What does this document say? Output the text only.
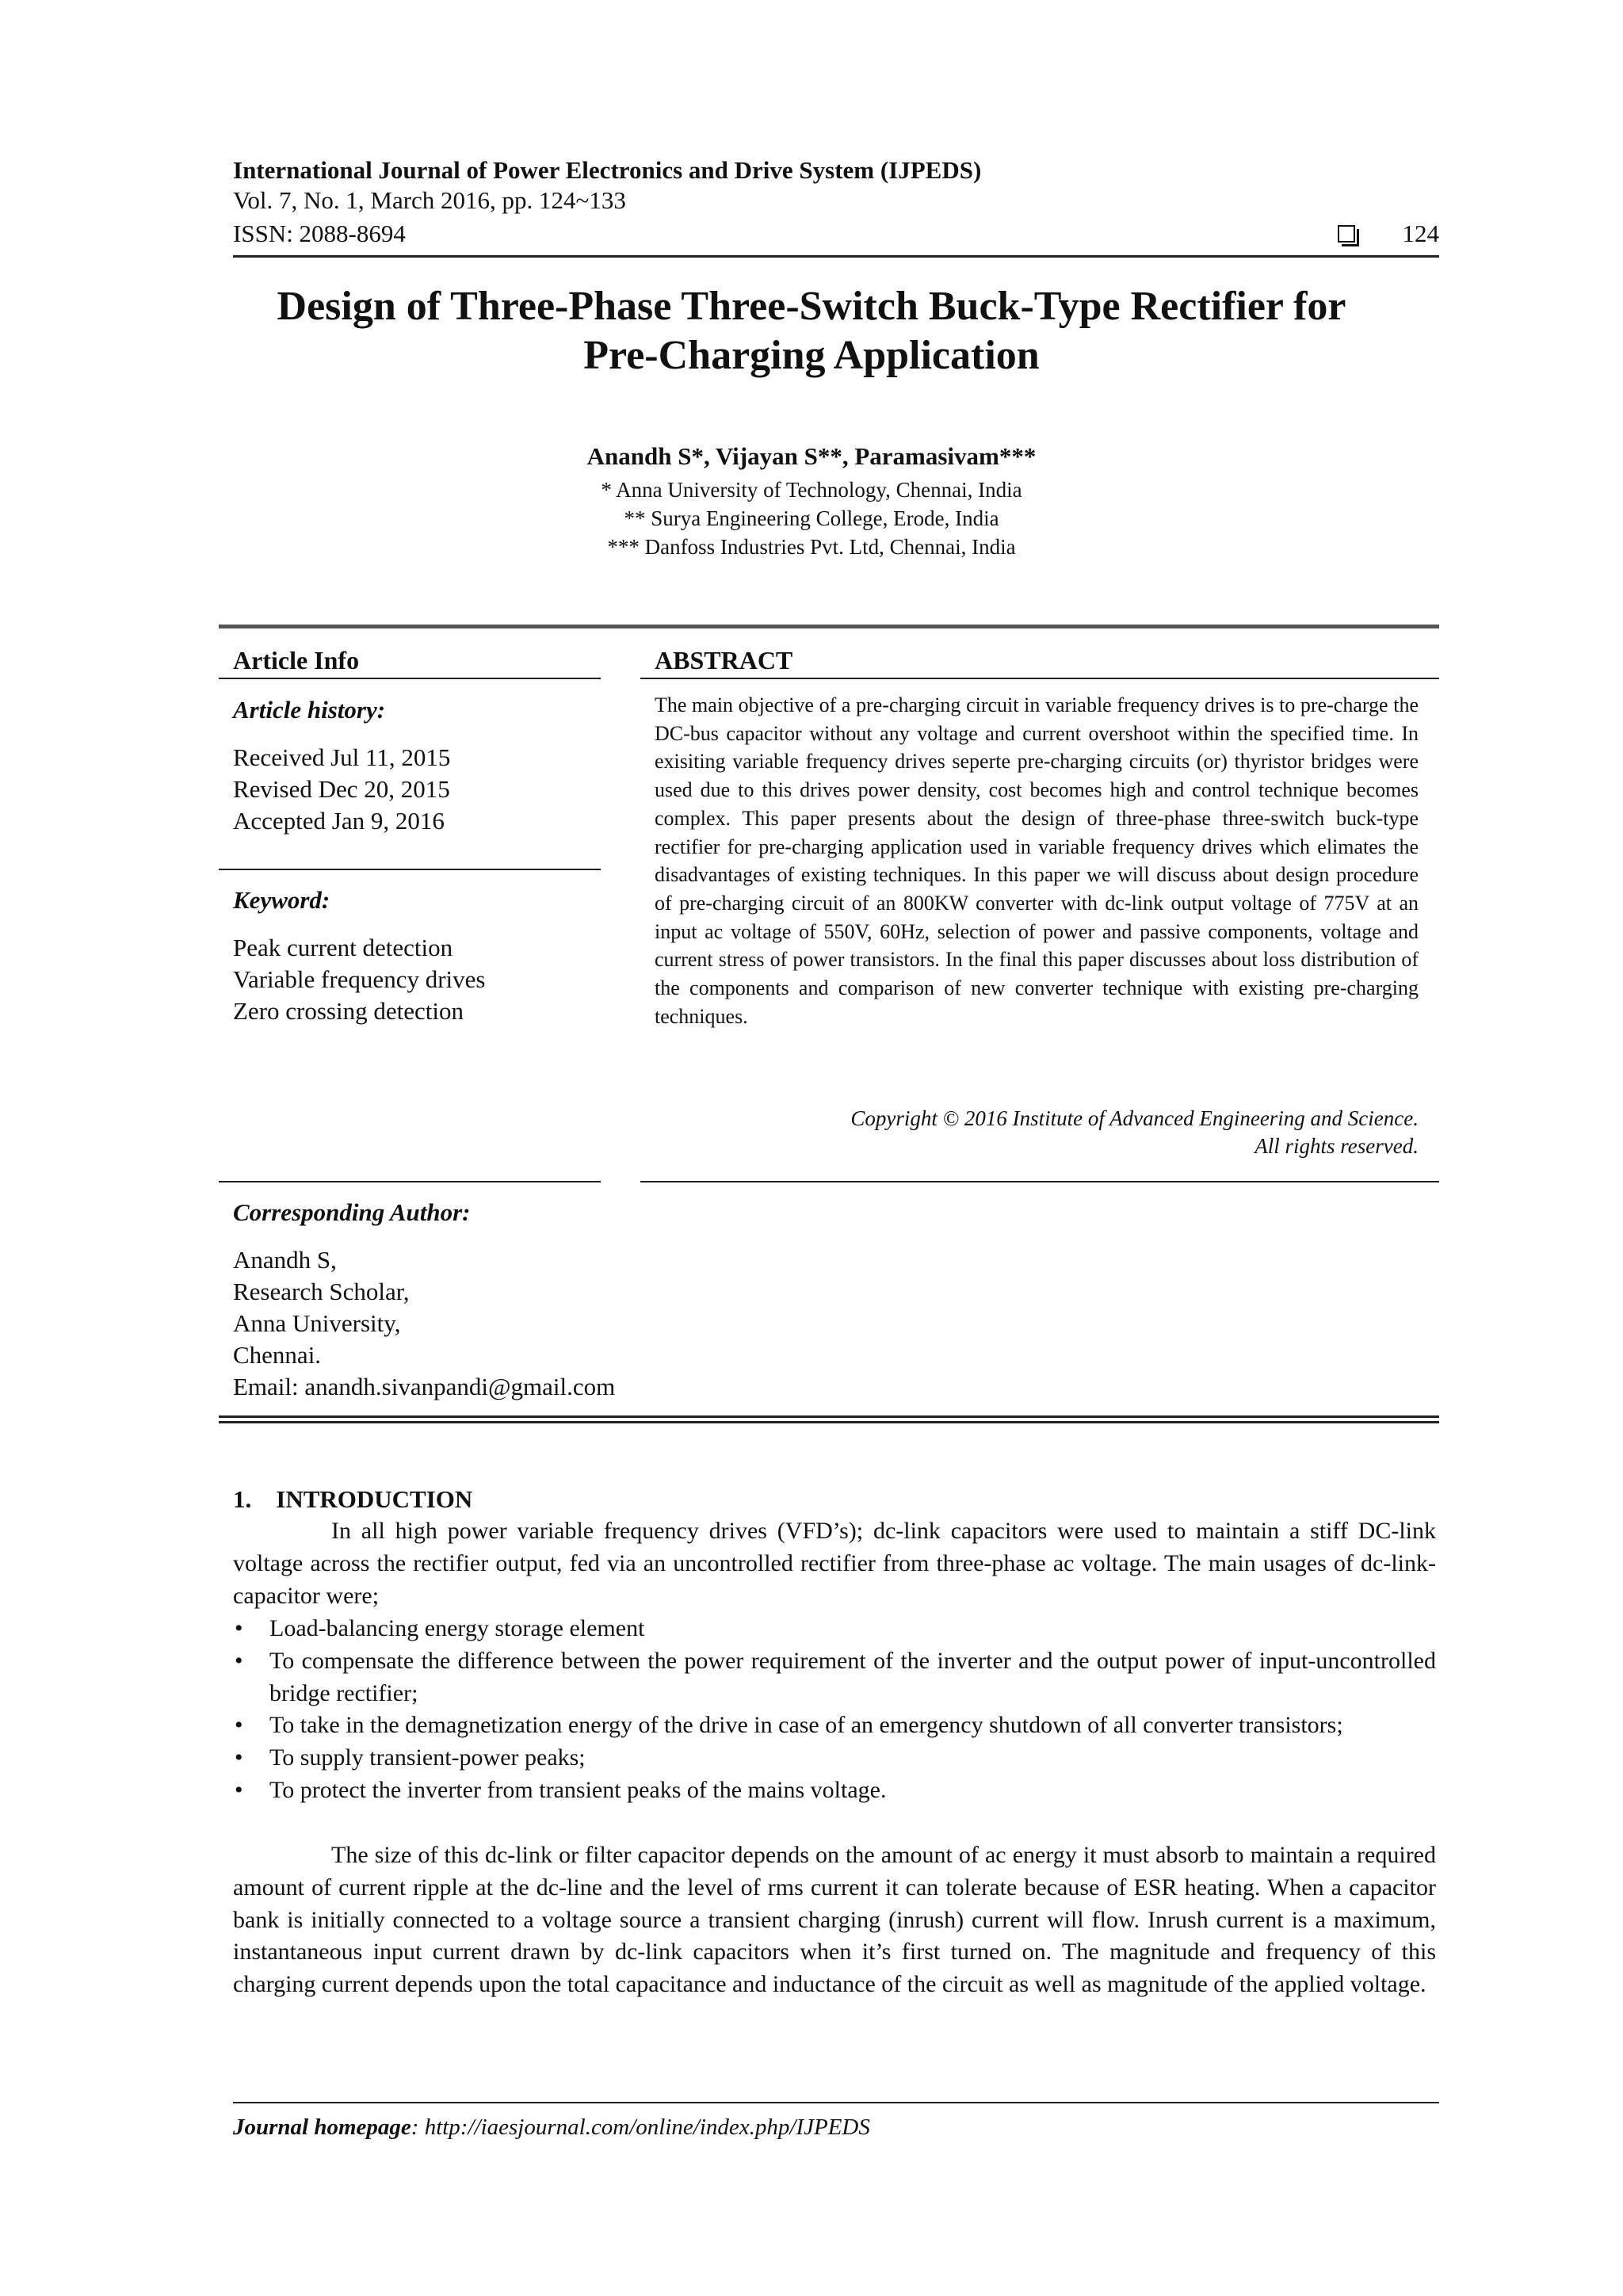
International Journal of Power Electronics and Drive System (IJPEDS)
Vol. 7, No. 1, March 2016, pp. 124~133
ISSN: 2088-8694	124
Design of Three-Phase Three-Switch Buck-Type Rectifier for
Pre-Charging Application
Anandh S*, Vijayan S**, Paramasivam***
* Anna University of Technology, Chennai, India
** Surya Engineering College, Erode, India
*** Danfoss Industries Pvt. Ltd, Chennai, India
Article Info
Article history:
Received Jul 11, 2015
Revised Dec 20, 2015
Accepted Jan 9, 2016
Keyword:
Peak current detection
Variable frequency drives
Zero crossing detection
ABSTRACT
The main objective of a pre-charging circuit in variable frequency drives is to pre-charge the DC-bus capacitor without any voltage and current overshoot within the specified time. In exisiting variable frequency drives seperte pre-charging circuits (or) thyristor bridges were used due to this drives power density, cost becomes high and control technique becomes complex. This paper presents about the design of three-phase three-switch buck-type rectifier for pre-charging application used in variable frequency drives which elimates the disadvantages of existing techniques. In this paper we will discuss about design procedure of pre-charging circuit of an 800KW converter with dc-link output voltage of 775V at an input ac voltage of 550V, 60Hz, selection of power and passive components, voltage and current stress of power transistors. In the final this paper discusses about loss distribution of the components and comparison of new converter technique with existing pre-charging techniques.
Copyright © 2016 Institute of Advanced Engineering and Science.
All rights reserved.
Corresponding Author:
Anandh S,
Research Scholar,
Anna University,
Chennai.
Email: anandh.sivanpandi@gmail.com
1.    INTRODUCTION

In all high power variable frequency drives (VFD’s); dc-link capacitors were used to maintain a stiff DC-link voltage across the rectifier output, fed via an uncontrolled rectifier from three-phase ac voltage. The main usages of dc-link-capacitor were;

• Load-balancing energy storage element
• To compensate the difference between the power requirement of the inverter and the output power of input-uncontrolled bridge rectifier;
• To take in the demagnetization energy of the drive in case of an emergency shutdown of all converter transistors;
• To supply transient-power peaks;
• To protect the inverter from transient peaks of the mains voltage.

The size of this dc-link or filter capacitor depends on the amount of ac energy it must absorb to maintain a required amount of current ripple at the dc-line and the level of rms current it can tolerate because of ESR heating. When a capacitor bank is initially connected to a voltage source a transient charging (inrush) current will flow. Inrush current is a maximum, instantaneous input current drawn by dc-link capacitors when it’s first turned on. The magnitude and frequency of this charging current depends upon the total capacitance and inductance of the circuit as well as magnitude of the applied voltage.

Journal homepage: http://iaesjournal.com/online/index.php/IJPEDS
